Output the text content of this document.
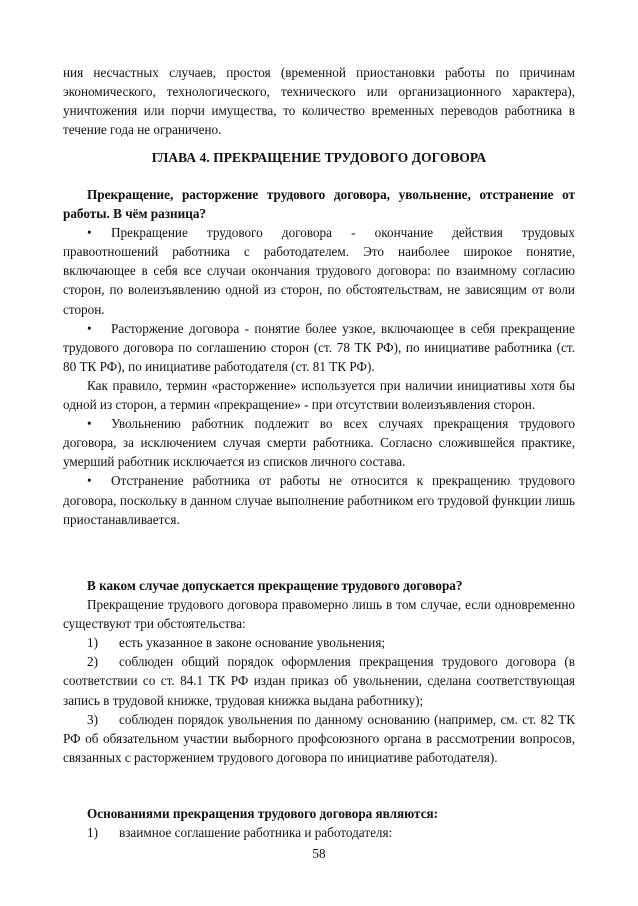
ния несчастных случаев, простоя (временной приостановки работы по причинам экономического, технологического, технического или организационного характера), уничтожения или порчи имущества, то количество временных переводов работника в течение года не ограничено.

ГЛАВА 4. ПРЕКРАЩЕНИЕ ТРУДОВОГО ДОГОВОРА

Прекращение, расторжение трудового договора, увольнение, отстранение от работы. В чём разница?

• Прекращение трудового договора - окончание действия трудовых правоотношений работника с работодателем. Это наиболее широкое понятие, включающее в себя все случаи окончания трудового договора: по взаимному согласию сторон, по волеизъявлению одной из сторон, по обстоятельствам, не зависящим от воли сторон.

• Расторжение договора - понятие более узкое, включающее в себя прекращение трудового договора по соглашению сторон (ст. 78 ТК РФ), по инициативе работника (ст. 80 ТК РФ), по инициативе работодателя (ст. 81 ТК РФ).

Как правило, термин «расторжение» используется при наличии инициативы хотя бы одной из сторон, а термин «прекращение» - при отсутствии волеизъявления сторон.

• Увольнению работник подлежит во всех случаях прекращения трудового договора, за исключением случая смерти работника. Согласно сложившейся практике, умерший работник исключается из списков личного состава.

• Отстранение работника от работы не относится к прекращению трудового договора, поскольку в данном случае выполнение работником его трудовой функции лишь приостанавливается.

В каком случае допускается прекращение трудового договора?

Прекращение трудового договора правомерно лишь в том случае, если одновременно существуют три обстоятельства:

1) есть указанное в законе основание увольнения;

2) соблюден общий порядок оформления прекращения трудового договора (в соответствии со ст. 84.1 ТК РФ издан приказ об увольнении, сделана соответствующая запись в трудовой книжке, трудовая книжка выдана работнику);

3) соблюден порядок увольнения по данному основанию (например, см. ст. 82 ТК РФ об обязательном участии выборного профсоюзного органа в рассмотрении вопросов, связанных с расторжением трудового договора по инициативе работодателя).

Основаниями прекращения трудового договора являются:

1) взаимное соглашение работника и работодателя:

58
